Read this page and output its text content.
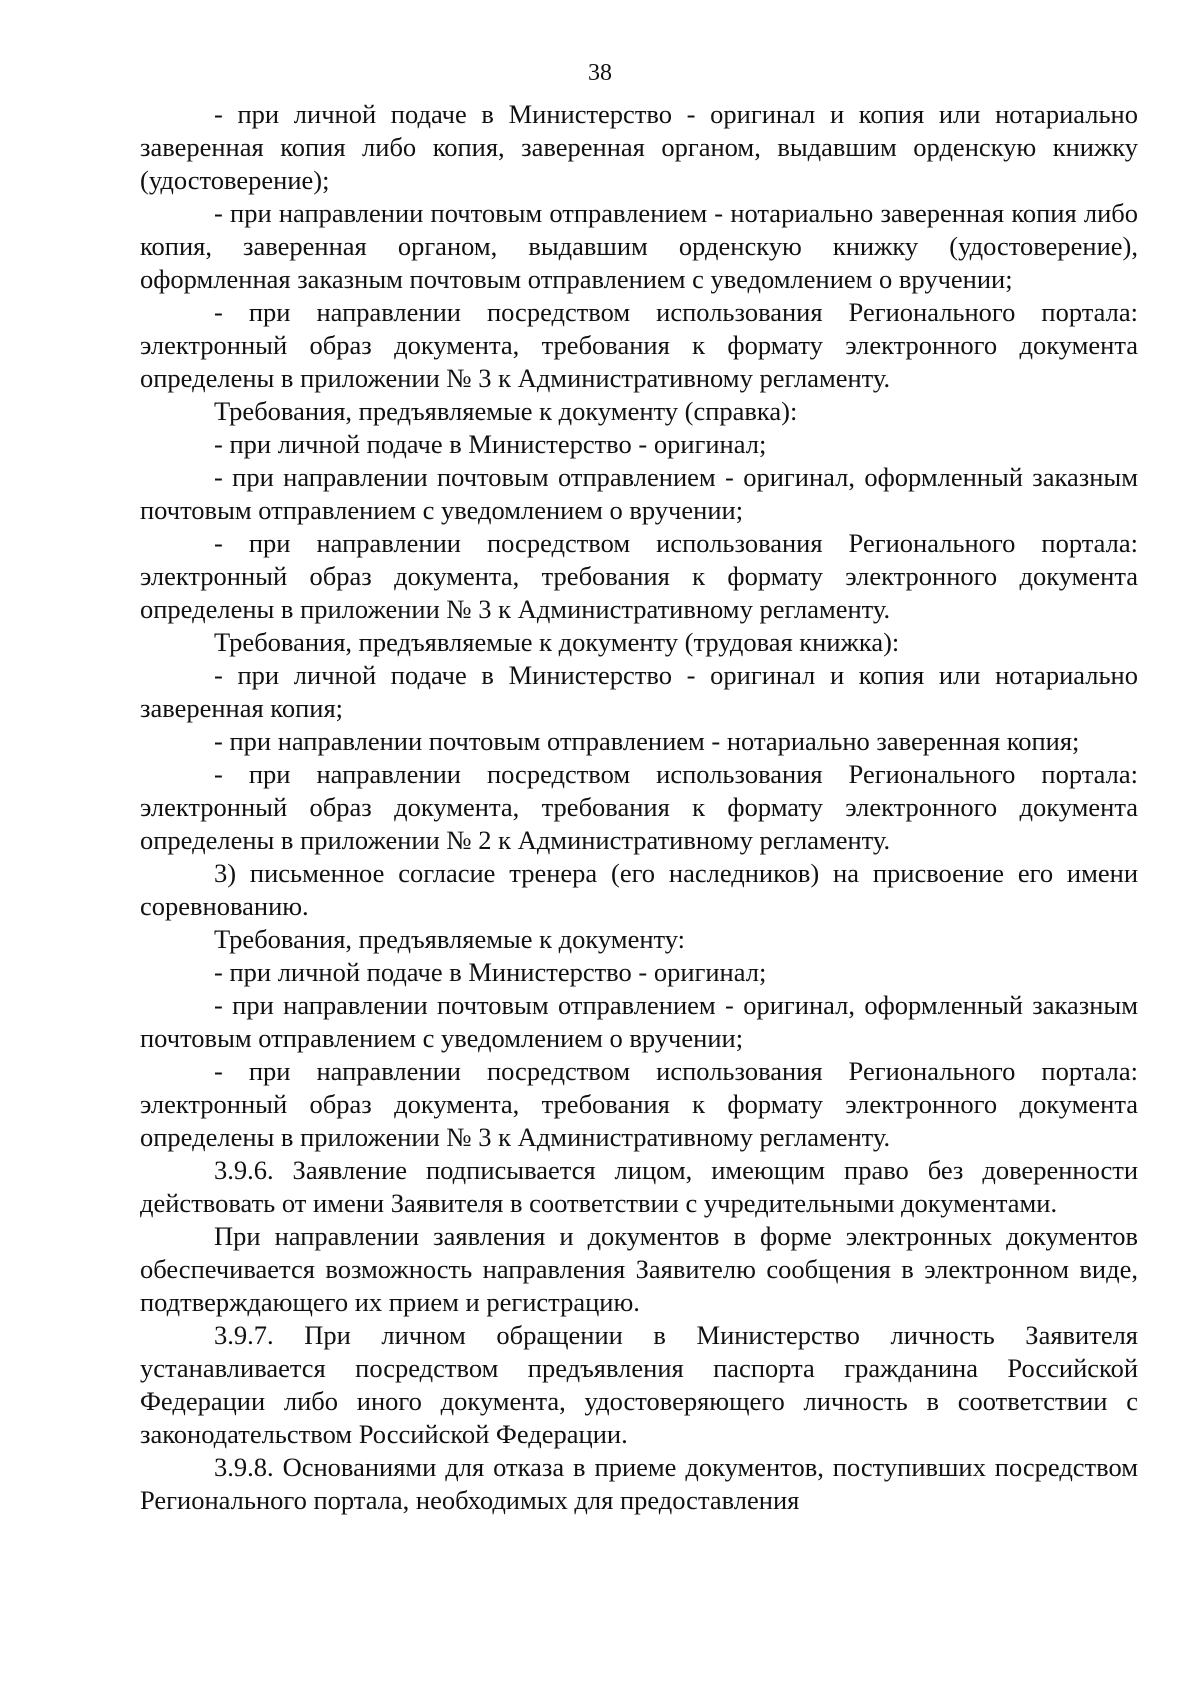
38

- при личной подаче в Министерство - оригинал и копия или нотариально заверенная копия либо копия, заверенная органом, выдавшим орденскую книжку (удостоверение);

- при направлении почтовым отправлением - нотариально заверенная копия либо копия, заверенная органом, выдавшим орденскую книжку (удостоверение), оформленная заказным почтовым отправлением с уведомлением о вручении;

- при направлении посредством использования Регионального портала: электронный образ документа, требования к формату электронного документа определены в приложении № 3 к Административному регламенту.

Требования, предъявляемые к документу (справка):

- при личной подаче в Министерство - оригинал;

- при направлении почтовым отправлением - оригинал, оформленный заказным почтовым отправлением с уведомлением о вручении;

- при направлении посредством использования Регионального портала: электронный образ документа, требования к формату электронного документа определены в приложении № 3 к Административному регламенту.

Требования, предъявляемые к документу (трудовая книжка):

- при личной подаче в Министерство - оригинал и копия или нотариально заверенная копия;

- при направлении почтовым отправлением - нотариально заверенная копия;

- при направлении посредством использования Регионального портала: электронный образ документа, требования к формату электронного документа определены в приложении № 2 к Административному регламенту.

3) письменное согласие тренера (его наследников) на присвоение его имени соревнованию.

Требования, предъявляемые к документу:

- при личной подаче в Министерство - оригинал;

- при направлении почтовым отправлением - оригинал, оформленный заказным почтовым отправлением с уведомлением о вручении;

- при направлении посредством использования Регионального портала: электронный образ документа, требования к формату электронного документа определены в приложении № 3 к Административному регламенту.

3.9.6. Заявление подписывается лицом, имеющим право без доверенности действовать от имени Заявителя в соответствии с учредительными документами.

При направлении заявления и документов в форме электронных документов обеспечивается возможность направления Заявителю сообщения в электронном виде, подтверждающего их прием и регистрацию.

3.9.7. При личном обращении в Министерство личность Заявителя устанавливается посредством предъявления паспорта гражданина Российской Федерации либо иного документа, удостоверяющего личность в соответствии с законодательством Российской Федерации.

3.9.8. Основаниями для отказа в приеме документов, поступивших посредством Регионального портала, необходимых для предоставления
